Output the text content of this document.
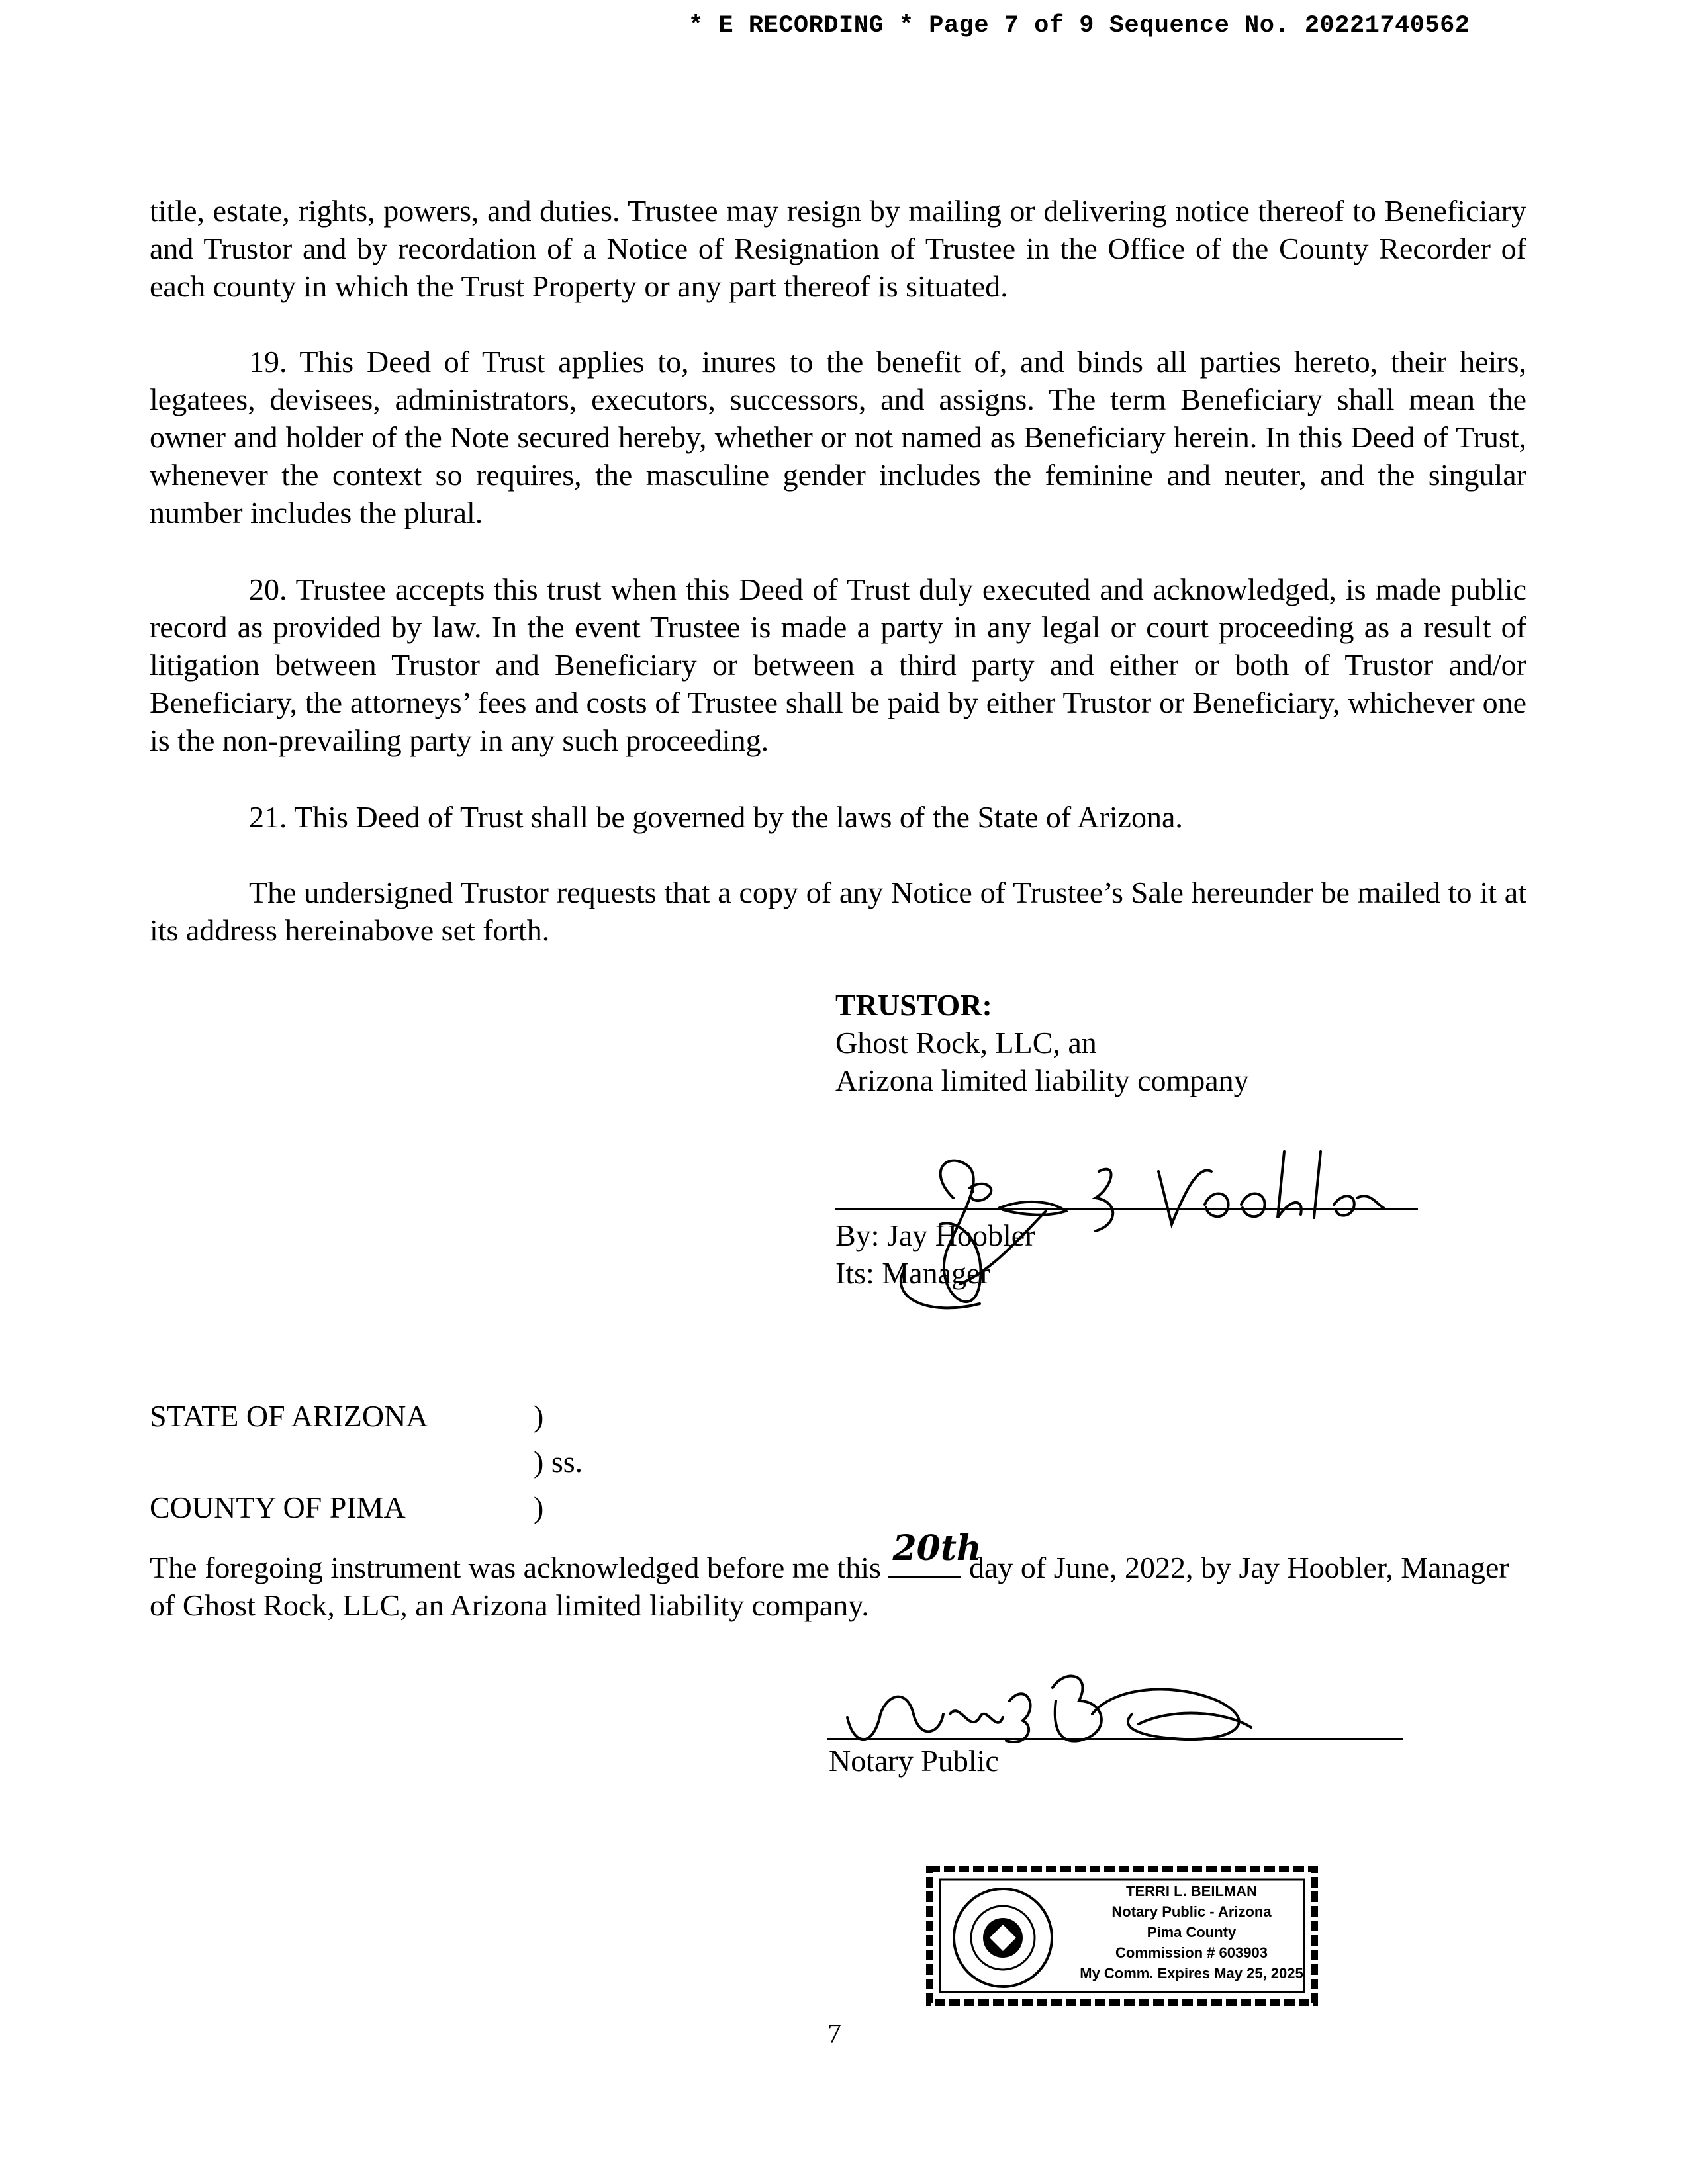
* E RECORDING * Page 7 of 9 Sequence No. 20221740562

title, estate, rights, powers, and duties. Trustee may resign by mailing or delivering notice thereof to Beneficiary and Trustor and by recordation of a Notice of Resignation of Trustee in the Office of the County Recorder of each county in which the Trust Property or any part thereof is situated.

19. This Deed of Trust applies to, inures to the benefit of, and binds all parties hereto, their heirs, legatees, devisees, administrators, executors, successors, and assigns. The term Beneficiary shall mean the owner and holder of the Note secured hereby, whether or not named as Beneficiary herein. In this Deed of Trust, whenever the context so requires, the masculine gender includes the feminine and neuter, and the singular number includes the plural.

20. Trustee accepts this trust when this Deed of Trust duly executed and acknowledged, is made public record as provided by law. In the event Trustee is made a party in any legal or court proceeding as a result of litigation between Trustor and Beneficiary or between a third party and either or both of Trustor and/or Beneficiary, the attorneys’ fees and costs of Trustee shall be paid by either Trustor or Beneficiary, whichever one is the non-prevailing party in any such proceeding.

21. This Deed of Trust shall be governed by the laws of the State of Arizona.

The undersigned Trustor requests that a copy of any Notice of Trustee’s Sale hereunder be mailed to it at its address hereinabove set forth.

TRUSTOR:
Ghost Rock, LLC, an
Arizona limited liability company
By: Jay Hoobler
Its: Manager
STATE OF ARIZONA	)
) ss.
COUNTY OF PIMA	)
The foregoing instrument was acknowledged before me this 20th
day of June, 2022, by Jay Hoobler, Manager of Ghost Rock, LLC, an Arizona limited liability company.
Notary Public
TERRI L. BEILMAN
Notary Public - Arizona
Pima County
Commission # 603903
My Comm. Expires May 25, 2025
7
